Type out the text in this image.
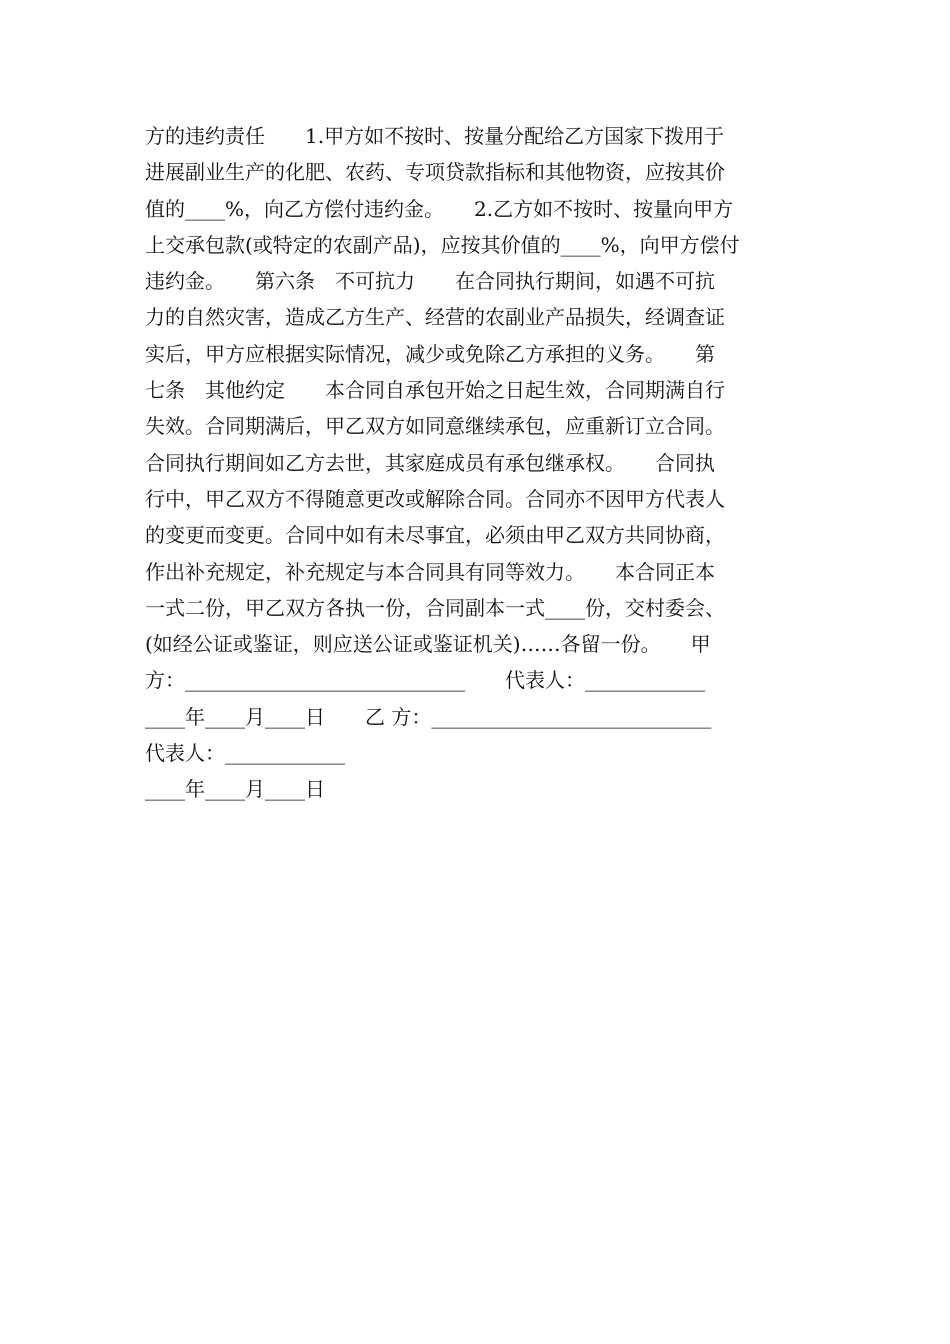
方的违约责任　　1.甲方如不按时、按量分配给乙方国家下拨用于
进展副业生产的化肥、农药、专项贷款指标和其他物资，应按其价
值的____%，向乙方偿付违约金。　　2.乙方如不按时、按量向甲方
上交承包款(或特定的农副产品)，应按其价值的____%，向甲方偿付
违约金。　　第六条　不可抗力　　在合同执行期间，如遇不可抗
力的自然灾害，造成乙方生产、经营的农副业产品损失，经调查证
实后，甲方应根据实际情况，减少或免除乙方承担的义务。　　第
七条　其他约定　　本合同自承包开始之日起生效，合同期满自行
失效。合同期满后，甲乙双方如同意继续承包，应重新订立合同。
合同执行期间如乙方去世，其家庭成员有承包继承权。　　合同执
行中，甲乙双方不得随意更改或解除合同。合同亦不因甲方代表人
的变更而变更。合同中如有未尽事宜，必须由甲乙双方共同协商，
作出补充规定，补充规定与本合同具有同等效力。　　本合同正本
一式二份，甲乙双方各执一份，合同副本一式____份，交村委会、
(如经公证或鉴证，则应送公证或鉴证机关)……各留一份。　　甲
方：____________________________　　代表人：____________
____年____月____日　　乙 方：____________________________
代表人：____________
____年____月____日
